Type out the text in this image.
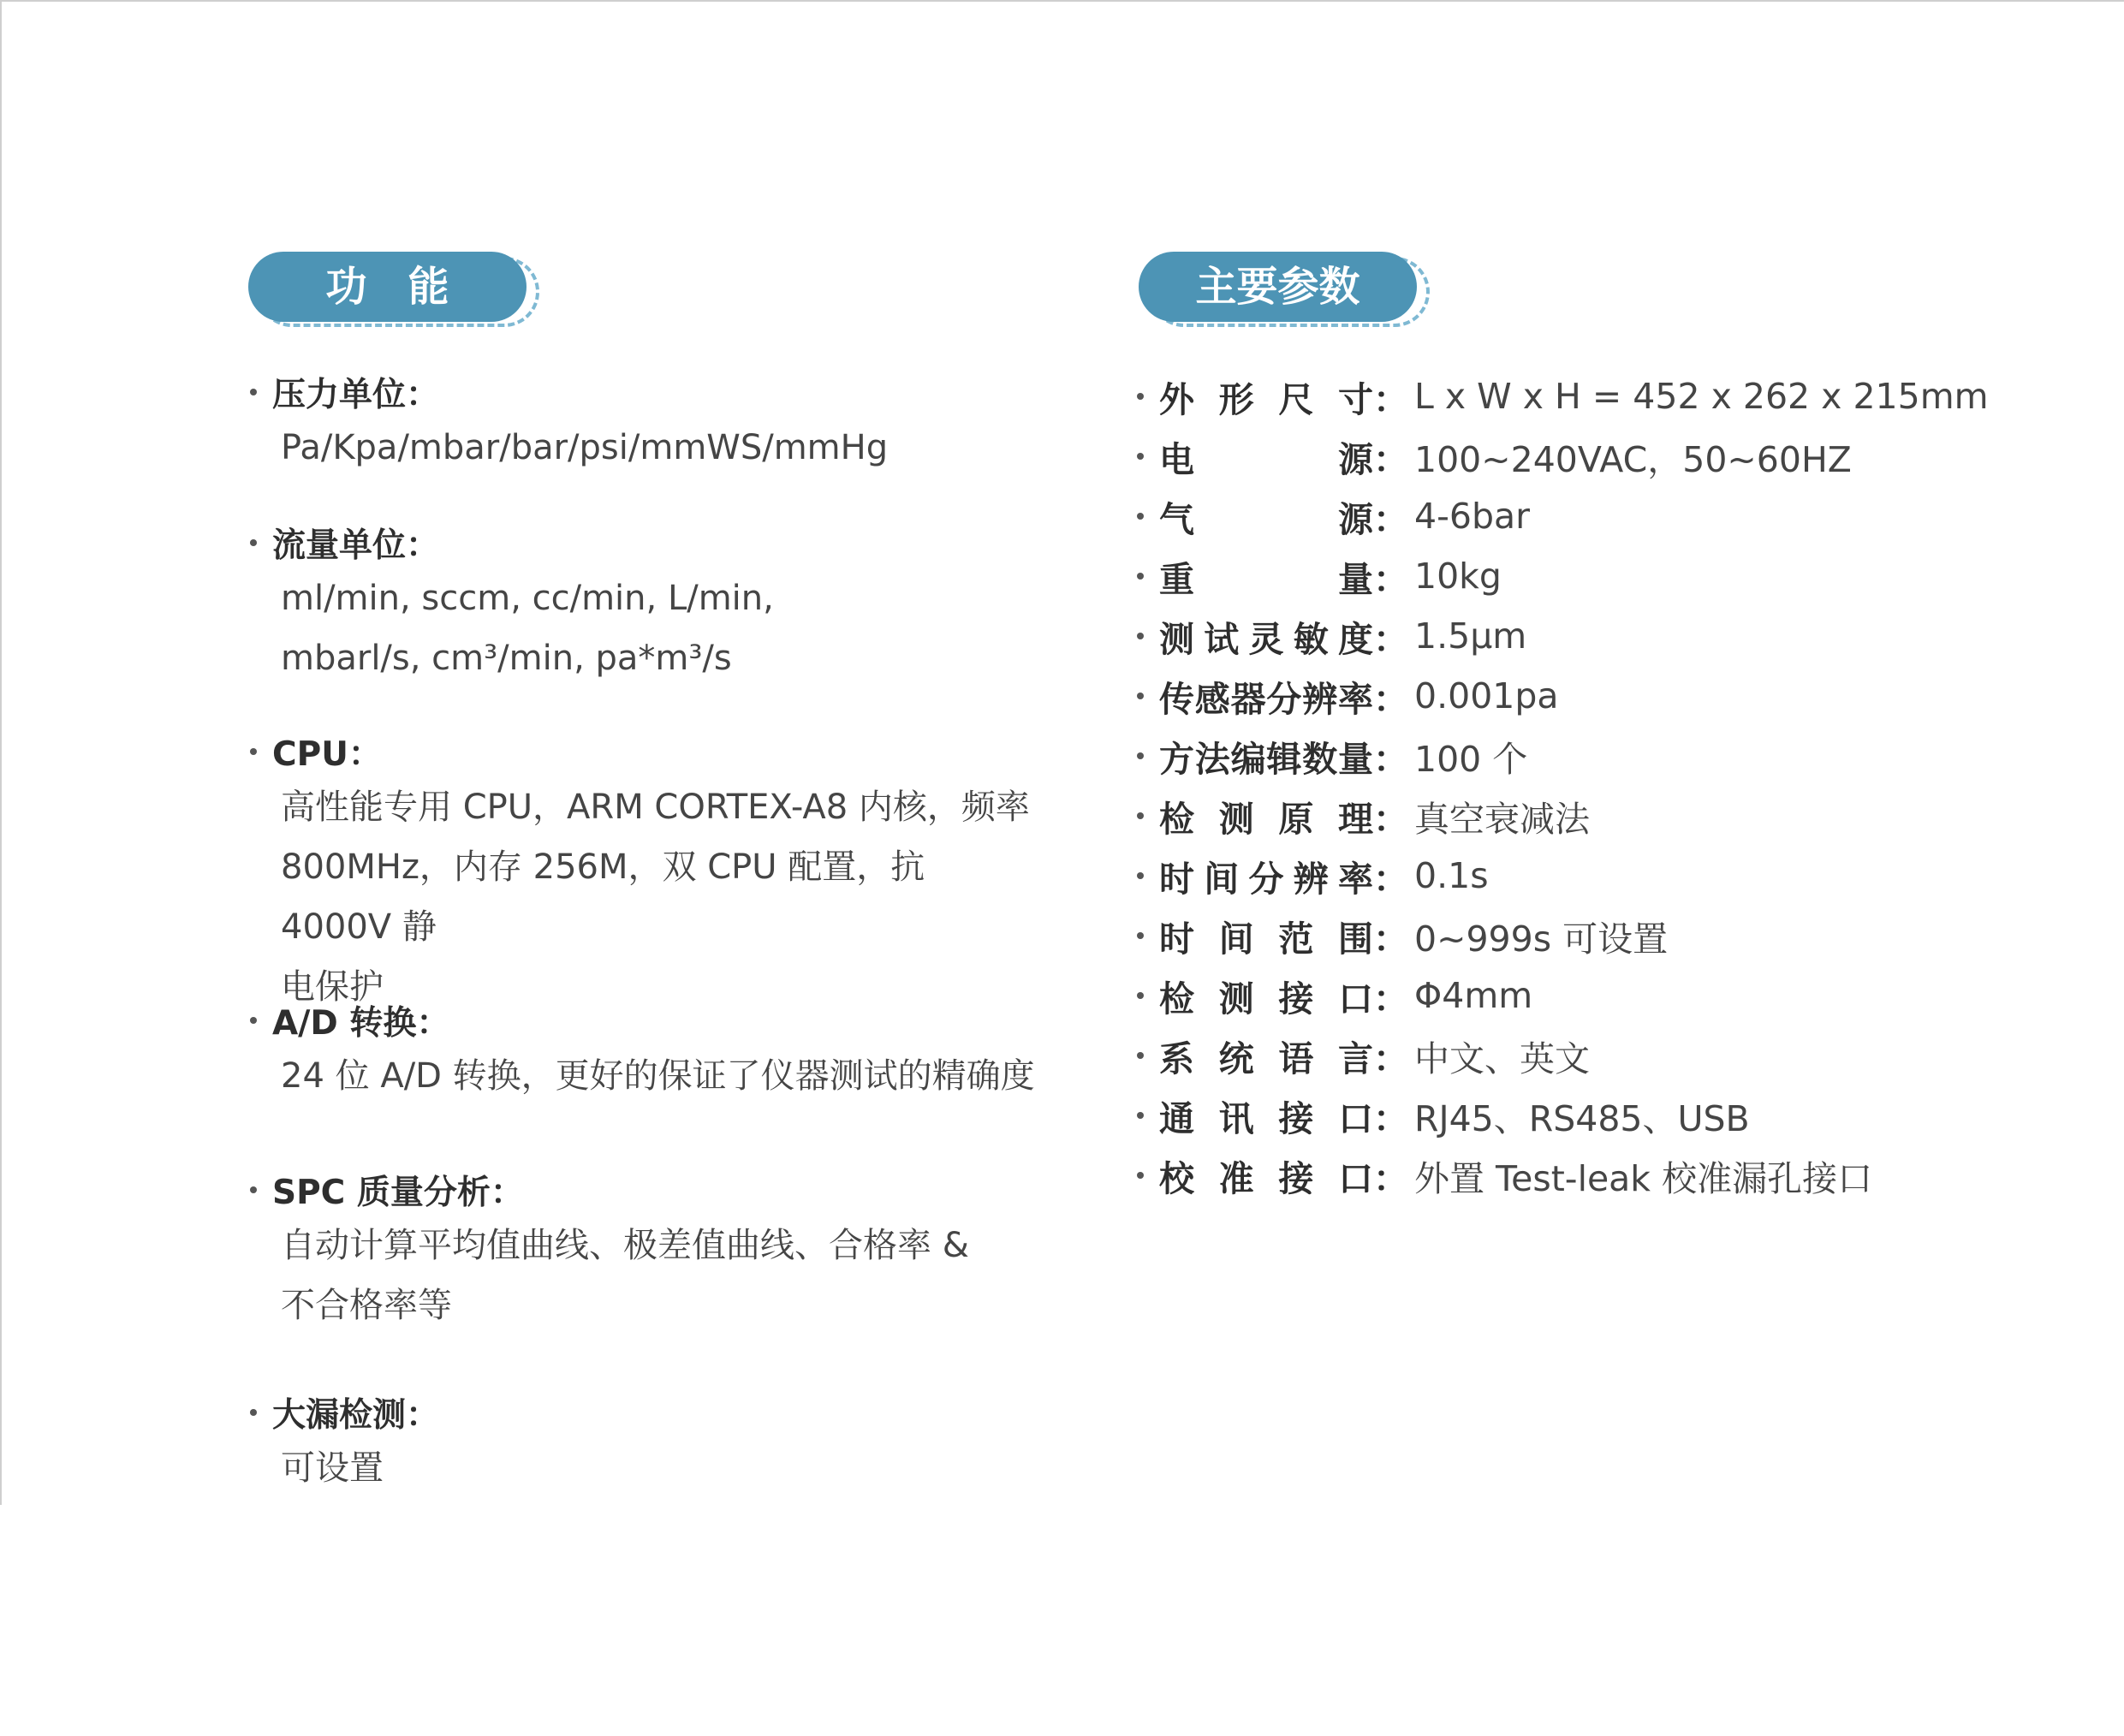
功　能	主要参数
压力单位：
Pa/Kpa/mbar/bar/psi/mmWS/mmHg
流量单位：
ml/min, sccm, cc/min, L/min,
mbarl/s, cm³/min, pa*m³/s
CPU：
高性能专用 CPU，ARM CORTEX-A8 内核，频率
800MHz，内存 256M，双 CPU 配置，抗 4000V 静
电保护
A/D 转换：
24 位 A/D 转换，更好的保证了仪器测试的精确度
SPC 质量分析：
自动计算平均值曲线、极差值曲线、合格率 &
不合格率等
大漏检测：
可设置
外形尺寸 ： L x W x H = 452 x 262 x 215mm
电源 ： 100~240VAC，50~60HZ
气源 ： 4-6bar
重量 ： 10kg
测试灵敏度 ： 1.5μm
传感器分辨率 ： 0.001pa
方法编辑数量 ： 100 个
检测原理 ： 真空衰减法
时间分辨率 ： 0.1s
时间范围 ： 0~999s 可设置
检测接口 ： Φ4mm
系统语言 ： 中文、英文
通讯接口 ： RJ45、RS485、USB
校准接口 ： 外置 Test-leak 校准漏孔接口
